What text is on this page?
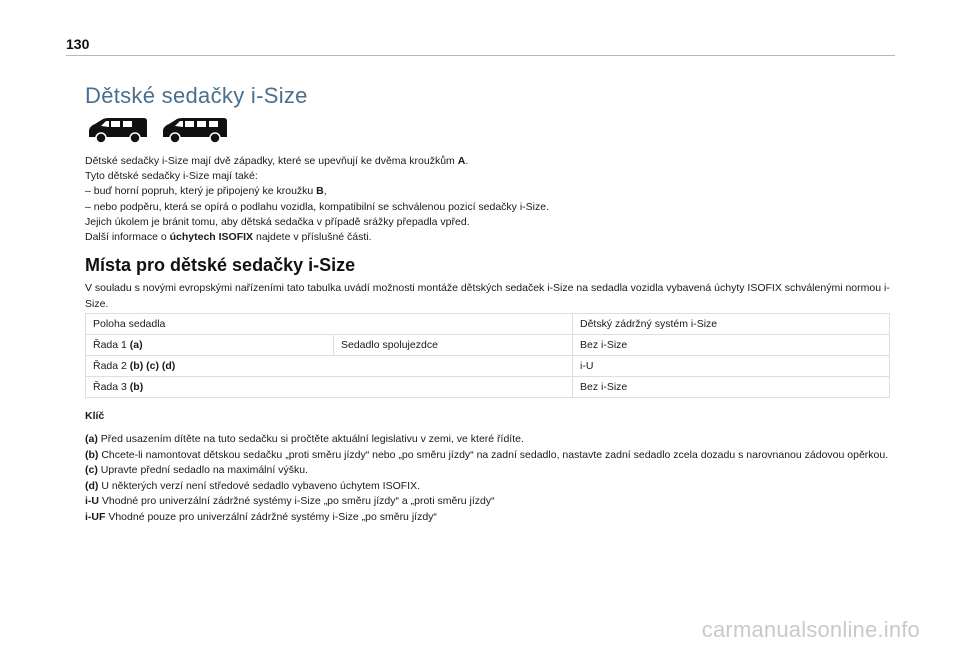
130
Dětské sedačky i-Size

Dětské sedačky i-Size mají dvě západky, které se upevňují ke dvěma kroužkům A.

Tyto dětské sedačky i-Size mají také:

– buď horní popruh, který je připojený ke kroužku B,

– nebo podpěru, která se opírá o podlahu vozidla, kompatibilní se schválenou pozicí sedačky i-Size.

Jejich úkolem je bránit tomu, aby dětská sedačka v případě srážky přepadla vpřed.

Další informace o úchytech ISOFIX najdete v příslušné části.

Místa pro dětské sedačky i-Size
V souladu s novými evropskými nařízeními tato tabulka uvádí možnosti montáže dětských sedaček i-Size na sedadla vozidla vybavená úchyty ISOFIX schválenými normou i-Size.
Poloha sedadla		Dětský zádržný systém i-Size
Řada 1 (a)	Sedadlo spolujezdce	Bez i-Size
Řada 2 (b) (c) (d)		i-U
Řada 3 (b)		Bez i-Size
Klíč

(a) Před usazením dítěte na tuto sedačku si pročtěte aktuální legislativu v zemi, ve které řídíte.

(b) Chcete-li namontovat dětskou sedačku „proti směru jízdy“ nebo „po směru jízdy“ na zadní sedadlo, nastavte zadní sedadlo zcela dozadu s narovnanou zádovou opěrkou.

(c) Upravte přední sedadlo na maximální výšku.

(d) U některých verzí není středové sedadlo vybaveno úchytem ISOFIX.

i-U Vhodné pro univerzální zádržné systémy i-Size „po směru jízdy“ a „proti směru jízdy“

i-UF Vhodné pouze pro univerzální zádržné systémy i-Size „po směru jízdy“

carmanualsonline.info
